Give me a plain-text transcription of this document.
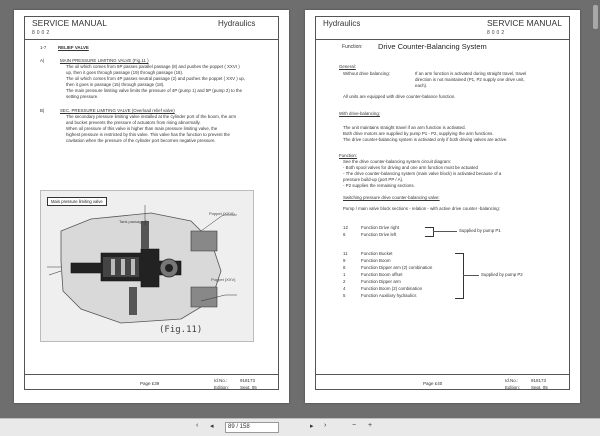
SERVICE MANUAL
8002
Hydraulics
1-7	RELIEF VALVE
A)	MAIN PRESSURE LIMITING VALVE (Fig.11 )
The oil which comes from 5P passes parallel passage (8) and pushes the poppet ( XXVI )
up, then it goes through passage (19) through passage (18).
The oil which comes from 4P passes neutral passage (2) and pushes the poppet ( XXV ) up,
then it goes in passage (15) through passage (18).
The main pressure limiting valve limits the pressure of 4P (pump 1) and 5P (pump 2) to the
setting pressure.
B)	SEC. PRESSURE LIMITING VALVE (Overload relief valve)
The secondary pressure limiting valve installed at the cylinder port of the boom, the arm
and bucket prevents the pressure of actuators from rising abnormally.
When oil pressure of this valve is higher than main pressure limiting valve, the
highest pressure is restricted by this valve. This valve has the function to prevent the
cavitation when the pressure of the cylinder port becomes negative pressure.
Main pressure limiting valve
Tank passage 7a
Poppet (XXVI)
Poppet (XXV)
(Fig.11)
Page £39
Id.No.:	918173
Edition: Sept. 05
Hydraulics	SERVICE MANUAL
8002
Function: Drive Counter-Balancing System
General:
Without drive balancing:	If an arm function is activated during straight travel, travel
direction is not maintained (P1, P2 supply one drive unit,
each).
All units are equipped with drive counter-balance function.
With drive-balancing:
The unit maintains straight travel if an arm function is activated.
Both drive motors are supplied by pump P1 - P2, supplying the arm functions.
The drive counter-balancing system is activated only if both driving valves are active.
Function:
See the drive counter-balancing system circuit diagram:
- Both spool valves for driving and one arm function must be actuated
- The drive counter-balancing system (main valve block) is activated because of a
pressure build-up (port PP / A).
- P2 supplies the remaining sections.
Switching pressure drive counter-balancing valve:
Pump / main valve block sections - relation - with active drive counter -balancing:
12	Function Drive right
6	Function Drive left
Supplied by pump P1
11	Function Bucket
9	Function Boom
8	Function Dipper arm (2) combination
1	Function Boom offset
2	Function Dipper arm
4	Function Boom (2) combination
5	Function Auxiliary hydraulics
Supplied by pump P2
Page £40
Id.No.:	918173
Edition: Sept. 05
‹ ◂	89 / 158	▸ ›	− +
